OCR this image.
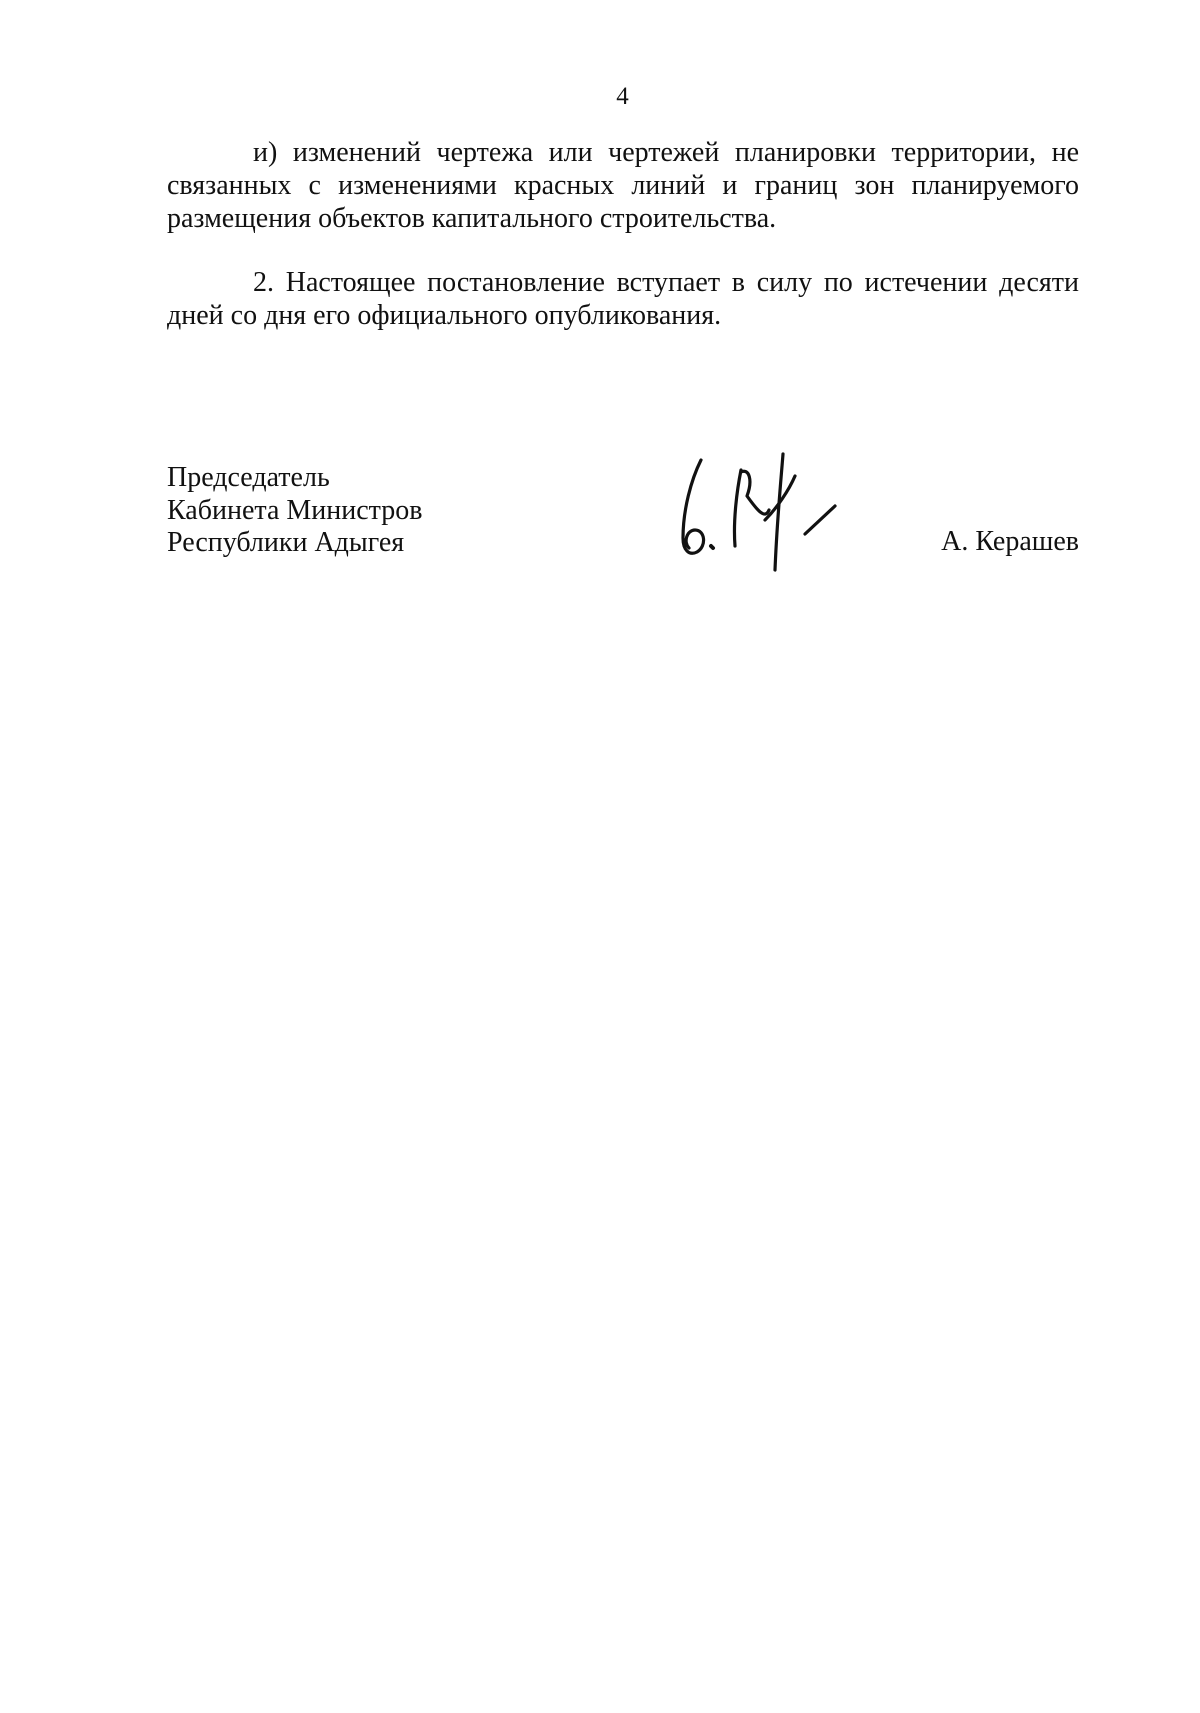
4

и) изменений чертежа или чертежей планировки территории, не связанных с изменениями красных линий и границ зон планируемого размещения объектов капитального строительства.

2. Настоящее постановление вступает в силу по истечении десяти дней со дня его официального опубликования.

Председатель
Кабинета Министров
Республики Адыгея	А. Керашев
